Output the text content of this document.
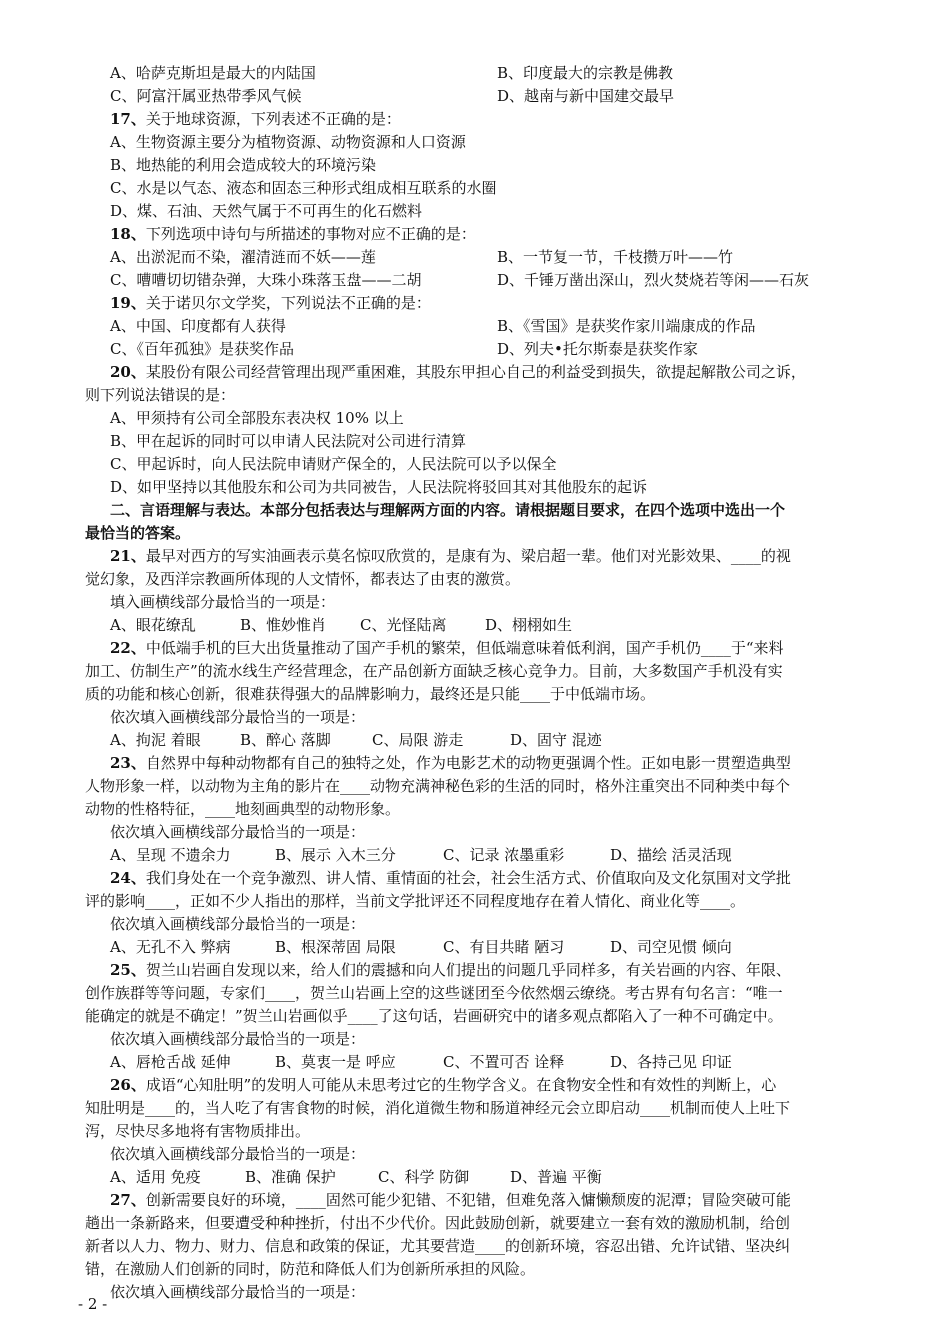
A、哈萨克斯坦是最大的内陆国	B、印度最大的宗教是佛教
C、阿富汗属亚热带季风气候	D、越南与新中国建交最早
17、关于地球资源，下列表述不正确的是：
A、生物资源主要分为植物资源、动物资源和人口资源
B、地热能的利用会造成较大的环境污染
C、水是以气态、液态和固态三种形式组成相互联系的水圈
D、煤、石油、天然气属于不可再生的化石燃料
18、下列选项中诗句与所描述的事物对应不正确的是：
A、出淤泥而不染，濯清涟而不妖——莲	B、一节复一节，千枝攒万叶——竹
C、嘈嘈切切错杂弹，大珠小珠落玉盘——二胡	D、千锤万凿出深山，烈火焚烧若等闲——石灰
19、关于诺贝尔文学奖，下列说法不正确的是：
A、中国、印度都有人获得	B、《雪国》是获奖作家川端康成的作品
C、《百年孤独》是获奖作品	D、列夫•托尔斯泰是获奖作家
20、某股份有限公司经营管理出现严重困难，其股东甲担心自己的利益受到损失，欲提起解散公司之诉，
则下列说法错误的是：
A、甲须持有公司全部股东表决权 10% 以上
B、甲在起诉的同时可以申请人民法院对公司进行清算
C、甲起诉时，向人民法院申请财产保全的，人民法院可以予以保全
D、如甲坚持以其他股东和公司为共同被告，人民法院将驳回其对其他股东的起诉
二、言语理解与表达。本部分包括表达与理解两方面的内容。请根据题目要求，在四个选项中选出一个
最恰当的答案。
21、最早对西方的写实油画表示莫名惊叹欣赏的，是康有为、梁启超一辈。他们对光影效果、____的视
觉幻象，及西洋宗教画所体现的人文情怀，都表达了由衷的激赏。
填入画横线部分最恰当的一项是：
A、眼花缭乱	B、惟妙惟肖 C、光怪陆离	D、栩栩如生
22、中低端手机的巨大出货量推动了国产手机的繁荣，但低端意味着低利润，国产手机仍____于“来料
加工、仿制生产”的流水线生产经营理念，在产品创新方面缺乏核心竞争力。目前，大多数国产手机没有实
质的功能和核心创新，很难获得强大的品牌影响力，最终还是只能____于中低端市场。
依次填入画横线部分最恰当的一项是：
A、拘泥 着眼	B、醉心 落脚	C、局限 游走	D、固守 混迹
23、自然界中每种动物都有自己的独特之处，作为电影艺术的动物更强调个性。正如电影一贯塑造典型
人物形象一样，以动物为主角的影片在____动物充满神秘色彩的生活的同时，格外注重突出不同种类中每个
动物的性格特征，____地刻画典型的动物形象。
依次填入画横线部分最恰当的一项是：
A、呈现 不遗余力	B、展示 入木三分	C、记录 浓墨重彩	D、描绘 活灵活现
24、我们身处在一个竞争激烈、讲人情、重情面的社会，社会生活方式、价值取向及文化氛围对文学批
评的影响____，正如不少人指出的那样，当前文学批评还不同程度地存在着人情化、商业化等____。
依次填入画横线部分最恰当的一项是：
A、无孔不入 弊病	B、根深蒂固 局限	C、有目共睹 陋习	D、司空见惯 倾向
25、贺兰山岩画自发现以来，给人们的震撼和向人们提出的问题几乎同样多，有关岩画的内容、年限、
创作族群等等问题，专家们____，贺兰山岩画上空的这些谜团至今依然烟云缭绕。考古界有句名言：“唯一
能确定的就是不确定！”贺兰山岩画似乎____了这句话，岩画研究中的诸多观点都陷入了一种不可确定中。
依次填入画横线部分最恰当的一项是：
A、唇枪舌战 延伸	B、莫衷一是 呼应	C、不置可否 诠释	D、各持己见 印证
26、成语“心知肚明”的发明人可能从未思考过它的生物学含义。在食物安全性和有效性的判断上，心
知肚明是____的，当人吃了有害食物的时候，消化道微生物和肠道神经元会立即启动____机制而使人上吐下
泻，尽快尽多地将有害物质排出。
依次填入画横线部分最恰当的一项是：
A、适用 免疫	B、准确 保护	C、科学 防御	D、普遍 平衡
27、创新需要良好的环境，____固然可能少犯错、不犯错，但难免落入慵懒颓废的泥潭；冒险突破可能
趟出一条新路来，但要遭受种种挫折，付出不少代价。因此鼓励创新，就要建立一套有效的激励机制，给创
新者以人力、物力、财力、信息和政策的保证，尤其要营造____的创新环境，容忍出错、允许试错、坚决纠
错，在激励人们创新的同时，防范和降低人们为创新所承担的风险。
依次填入画横线部分最恰当的一项是：
- 2 -
